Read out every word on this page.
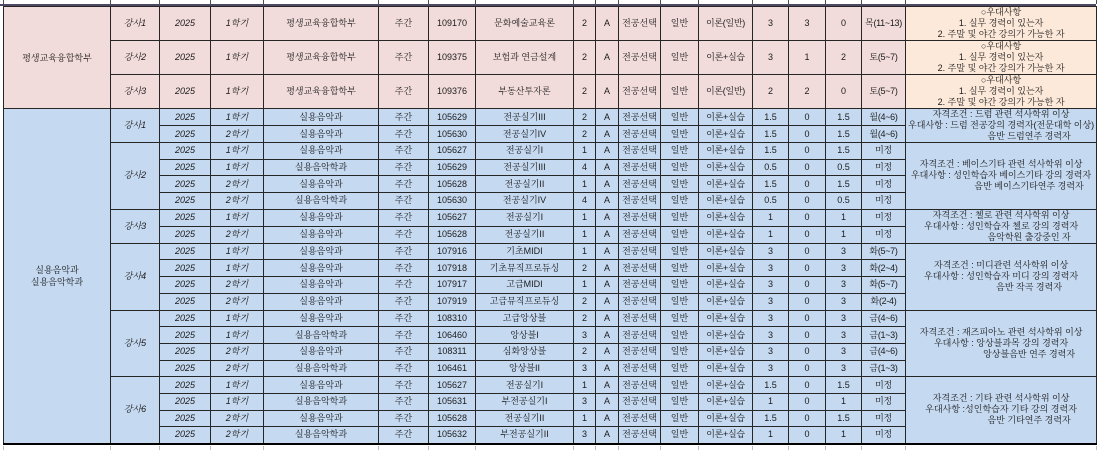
평생교육융합학부	강사1	2025	1학기	평생교육융합학부	주간	109170	문화예술교육론	2	A	전공선택	일반	이론(일반)	3	3	0	목(11~13)	○우대사항
1. 실무 경력이 있는자
2. 주말 및 야간 강의가 가능한 자

	강사2	2025	1학기	평생교육융합학부	주간	109375	보험과 연금설계	2	A	전공선택	일반	이론+실습	3	1	2	토(5~7)	○우대사항
1. 실무 경력이 있는자
2. 주말 및 야간 강의가 가능한 자

	강사3	2025	1학기	평생교육융합학부	주간	109376	부동산투자론	2	A	전공선택	일반	이론(일반)	2	2	0	토(5~7)	○우대사항
1. 실무 경력이 있는자
2. 주말 및 야간 강의가 가능한 자

실용음악과
실용음악학과
	강사1	2025	1학기	실용음악과	주간	105629	전공실기III	2	A	전공선택	일반	이론+실습	1.5	0	1.5	월(4~6)	자격조건 : 드럼 관련 석사학위 이상
우대사항 : 드럼 전공강의 경력자(전문대학 이상)
음반 드럼연주 경력자

		2025	2학기	실용음악과	주간	105630	전공실기IV	2	A	전공선택	일반	이론+실습	1.5	0	1.5	월(4~6)	
	강사2	2025	1학기	실용음악과	주간	105627	전공실기I	1	A	전공선택	일반	이론+실습	1.5	0	1.5	미정	자격조건 : 베이스기타 관련 석사학위 이상
우대사항 : 성인학습자 베이스기타 강의 경력자
음반 베이스기타연주 경력자

		2025	1학기	실용음악학과	주간	105629	전공실기III	4	A	전공선택	일반	이론+실습	0.5	0	0.5	미정	
		2025	2학기	실용음악과	주간	105628	전공실기II	1	A	전공선택	일반	이론+실습	1.5	0	1.5	미정	
		2025	2학기	실용음악학과	주간	105630	전공실기IV	4	A	전공선택	일반	이론+실습	0.5	0	0.5	미정	
	강사3	2025	1학기	실용음악과	주간	105627	전공실기I	1	A	전공선택	일반	이론+실습	1	0	1	미정	자격조건 : 첼로 관련 석사학위 이상
우대사항 : 성인학습자 첼로 강의 경력자
음악학원 출강중인 자

		2025	2학기	실용음악과	주간	105628	전공실기II	1	A	전공선택	일반	이론+실습	1	0	1	미정	
	강사4	2025	1학기	실용음악과	주간	107916	기초MIDI	1	A	전공선택	일반	이론+실습	3	0	3	화(5~7)	자격조건 : 미디관련 석사학위 이상
우대사항 : 성인학습자 미디 강의 경력자
음반 작곡 경력자

		2025	1학기	실용음악과	주간	107918	기초뮤직프로듀싱	2	A	전공선택	일반	이론+실습	3	0	3	화(2~4)	
		2025	2학기	실용음악과	주간	107917	고급MIDI	1	A	전공선택	일반	이론+실습	3	0	3	화(5~7)	
		2025	2학기	실용음악과	주간	107919	고급뮤직프로듀싱	2	A	전공선택	일반	이론+실습	3	0	3	화(2-4)	
	강사5	2025	1학기	실용음악과	주간	108310	고급앙상블	2	A	전공선택	일반	이론+실습	3	0	3	금(4~6)	자격조건 : 재즈피아노 관련 석사학위 이상
우대사항 : 앙상블과목 강의 경력자
앙상블음반 연주 경력자

		2025	1학기	실용음악학과	주간	106460	앙상블I	3	A	전공선택	일반	이론+실습	3	0	3	금(1~3)	
		2025	2학기	실용음악과	주간	108311	심화앙상블	2	A	전공선택	일반	이론+실습	3	0	3	금(4~6)	
		2025	2학기	실용음악학과	주간	106461	앙상블II	3	A	전공선택	일반	이론+실습	3	0	3	금(1~3)	
	강사6	2025	1학기	실용음악과	주간	105627	전공실기I	1	A	전공선택	일반	이론+실습	1.5	0	1.5	미정	자격조건 : 기타 관련 석사학위 이상
우대사항 :성인학습자 기타 강의 경력자
음반 기타연주 경력자

		2025	1학기	실용음악학과	주간	105631	부전공실기I	3	A	전공선택	일반	이론+실습	1	0	1	미정	
		2025	2학기	실용음악과	주간	105628	전공실기II	1	A	전공선택	일반	이론+실습	1.5	0	1.5	미정	
		2025	2학기	실용음악학과	주간	105632	부전공실기II	3	A	전공선택	일반	이론+실습	1	0	1	미정	
